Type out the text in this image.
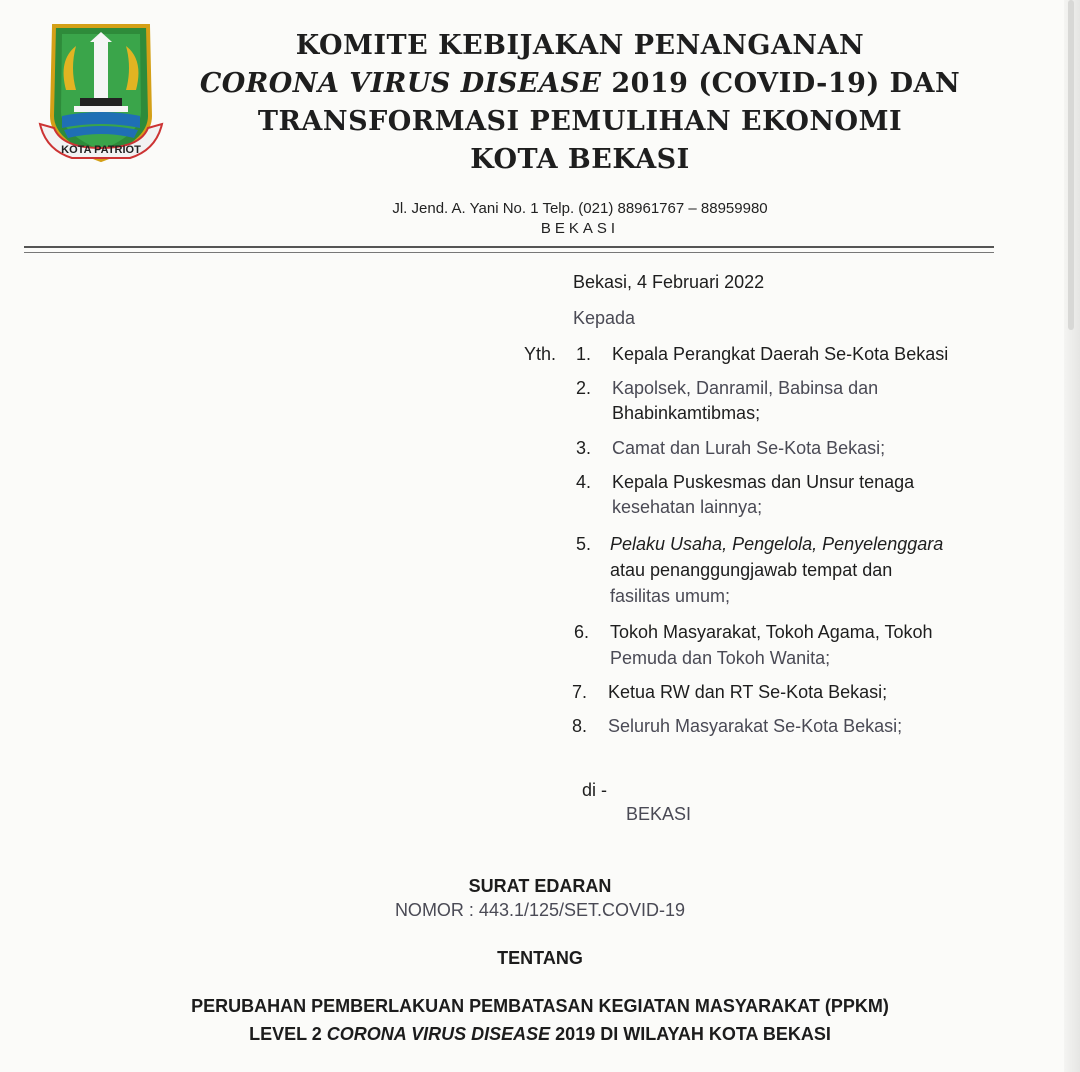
KOTA PATRIOT
KOMITE KEBIJAKAN PENANGANAN
CORONA VIRUS DISEASE 2019 (COVID-19) DAN
TRANSFORMASI PEMULIHAN EKONOMI
KOTA BEKASI
Jl. Jend. A. Yani No. 1 Telp. (021) 88961767 – 88959980
BEKASI
Bekasi, 4 Februari 2022
Kepada
Yth. 1. Kepala Perangkat Daerah Se-Kota Bekasi
2. Kapolsek, Danramil, Babinsa dan
Bhabinkamtibmas;
3. Camat dan Lurah Se-Kota Bekasi;
4. Kepala Puskesmas dan Unsur tenaga
kesehatan lainnya;
5. Pelaku Usaha, Pengelola, Penyelenggara
atau penanggungjawab tempat dan
fasilitas umum;
6. Tokoh Masyarakat, Tokoh Agama, Tokoh
Pemuda dan Tokoh Wanita;
7. Ketua RW dan RT Se-Kota Bekasi;
8. Seluruh Masyarakat Se-Kota Bekasi;
di -
BEKASI
SURAT EDARAN
NOMOR : 443.1/125/SET.COVID-19
TENTANG
PERUBAHAN PEMBERLAKUAN PEMBATASAN KEGIATAN MASYARAKAT (PPKM)
LEVEL 2 CORONA VIRUS DISEASE 2019 DI WILAYAH KOTA BEKASI
